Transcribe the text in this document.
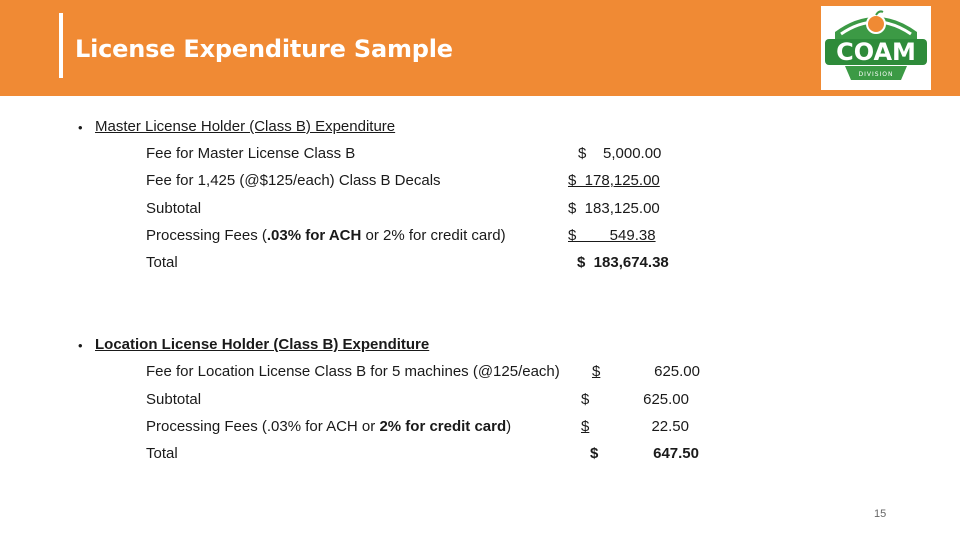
License Expenditure Sample	COAM
DIVISION
• Master License Holder (Class B) Expenditure
Fee for Master License Class B	$    5,000.00
Fee for 1,425 (@$125/each) Class B Decals	$  178,125.00
Subtotal	$  183,125.00
Processing Fees (.03% for ACH or 2% for credit card)	$        549.38
Total	$  183,674.38
• Location License Holder (Class B) Expenditure
Fee for Location License Class B for 5 machines (@125/each) $	625.00
Subtotal	$	625.00
Processing Fees (.03% for ACH or 2% for credit card)	$	22.50
Total	$	647.50
15
